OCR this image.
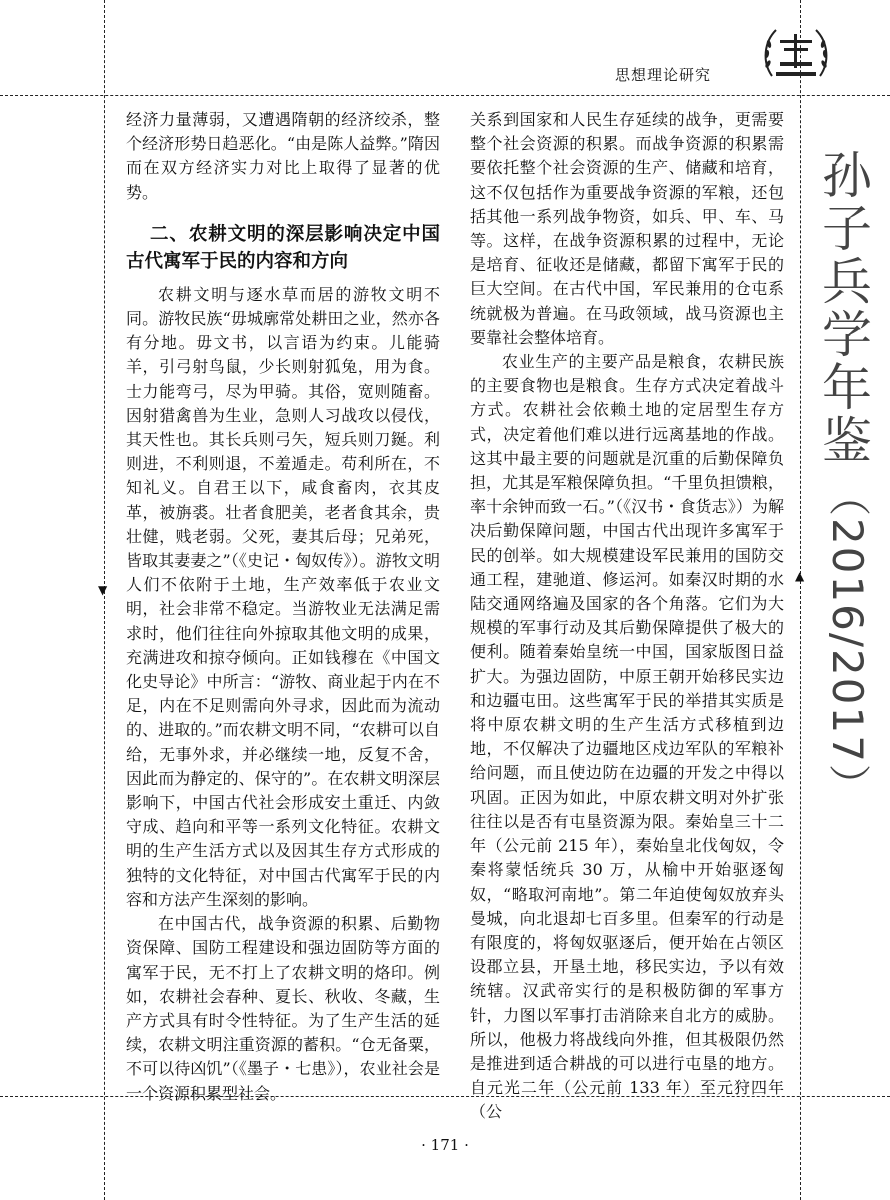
▼
▲
思想理论研究
孙子兵学年鉴
（2016/2017）

经济力量薄弱，又遭遇隋朝的经济绞杀，整个经济形势日趋恶化。“由是陈人益弊。”隋因而在双方经济实力对比上取得了显著的优势。

二、农耕文明的深层影响决定中国古代寓军于民的内容和方向

农耕文明与逐水草而居的游牧文明不同。游牧民族“毋城廓常处耕田之业，然亦各有分地。毋文书，以言语为约束。儿能骑羊，引弓射鸟鼠，少长则射狐兔，用为食。士力能弯弓，尽为甲骑。其俗，宽则随畜。因射猎禽兽为生业，急则人习战攻以侵伐，其天性也。其长兵则弓矢，短兵则刀鋋。利则进，不利则退，不羞遁走。苟利所在，不知礼义。自君王以下，咸食畜肉，衣其皮革，被旃裘。壮者食肥美，老者食其余，贵壮健，贱老弱。父死，妻其后母；兄弟死，皆取其妻妻之”（《史记・匈奴传》）。游牧文明人们不依附于土地，生产效率低于农业文明，社会非常不稳定。当游牧业无法满足需求时，他们往往向外掠取其他文明的成果，充满进攻和掠夺倾向。正如钱穆在《中国文化史导论》中所言：“游牧、商业起于内在不足，内在不足则需向外寻求，因此而为流动的、进取的。”而农耕文明不同，“农耕可以自给，无事外求，并必继续一地，反复不舍，因此而为静定的、保守的”。在农耕文明深层影响下，中国古代社会形成安土重迁、内敛守成、趋向和平等一系列文化特征。农耕文明的生产生活方式以及因其生存方式形成的独特的文化特征，对中国古代寓军于民的内容和方法产生深刻的影响。

在中国古代，战争资源的积累、后勤物资保障、国防工程建设和强边固防等方面的寓军于民，无不打上了农耕文明的烙印。例如，农耕社会春种、夏长、秋收、冬藏，生产方式具有时令性特征。为了生产生活的延续，农耕文明注重资源的蓄积。“仓无备粟，不可以待凶饥”（《墨子・七患》），农业社会是一个资源积累型社会。

关系到国家和人民生存延续的战争，更需要整个社会资源的积累。而战争资源的积累需要依托整个社会资源的生产、储藏和培育，这不仅包括作为重要战争资源的军粮，还包括其他一系列战争物资，如兵、甲、车、马等。这样，在战争资源积累的过程中，无论是培育、征收还是储藏，都留下寓军于民的巨大空间。在古代中国，军民兼用的仓屯系统就极为普遍。在马政领域，战马资源也主要靠社会整体培育。

农业生产的主要产品是粮食，农耕民族的主要食物也是粮食。生存方式决定着战斗方式。农耕社会依赖土地的定居型生存方式，决定着他们难以进行远离基地的作战。这其中最主要的问题就是沉重的后勤保障负担，尤其是军粮保障负担。“千里负担馈粮，率十余钟而致一石。”（《汉书・食货志》）为解决后勤保障问题，中国古代出现许多寓军于民的创举。如大规模建设军民兼用的国防交通工程，建驰道、修运河。如秦汉时期的水陆交通网络遍及国家的各个角落。它们为大规模的军事行动及其后勤保障提供了极大的便利。随着秦始皇统一中国，国家版图日益扩大。为强边固防，中原王朝开始移民实边和边疆屯田。这些寓军于民的举措其实质是将中原农耕文明的生产生活方式移植到边地，不仅解决了边疆地区戍边军队的军粮补给问题，而且使边防在边疆的开发之中得以巩固。正因为如此，中原农耕文明对外扩张往往以是否有屯垦资源为限。秦始皇三十二年（公元前 215 年），秦始皇北伐匈奴，令秦将蒙恬统兵 30 万，从榆中开始驱逐匈奴，“略取河南地”。第二年迫使匈奴放弃头曼城，向北退却七百多里。但秦军的行动是有限度的，将匈奴驱逐后，便开始在占领区设郡立县，开垦土地，移民实边，予以有效统辖。汉武帝实行的是积极防御的军事方针，力图以军事打击消除来自北方的威胁。所以，他极力将战线向外推，但其极限仍然是推进到适合耕战的可以进行屯垦的地方。自元光二年（公元前 133 年）至元狩四年（公

· 171 ·
